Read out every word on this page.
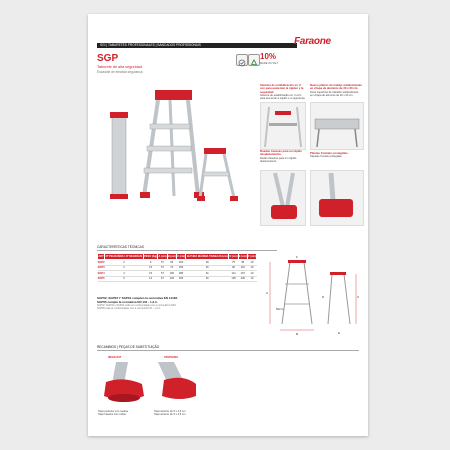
SGI | TABURETES PROFESIONALES | BANCADOS PROFISSIONAIS	Faraone
SGP
Taburete de alta seguridad
Escadote de elevada segurança
10%
MADE IN ITALY
Sistema de estabilización en U con para aumentar la rigidez y la seguridad.
Sistema de estabilização em U com para aumentar a rigidez e a segurança.
Nuevo platino de trabajo antideslizante en chapa de aluminio de 30 x 60 cm.
Nova superfície de trabalho antideslizante em chapa de alumínio de 30 x 60 cm.
Ruedas traseras para un rápido desplazamiento.
Rodas traseiras para um rápido deslocamento.
Plantas frontales protegidas.
Sapatas frontais protegidas.
CARACTERÍSTICAS TÉCNICAS
ART	Nº PELDAÑOS / Nº DEGRAUS	PESO (Kg)	A (cm)	B (cm)	C (cm)	ALTURA MÁXIMA TRABAJO (cm)	D (cm)	E (cm)	F (cm)
SGP2	2	9	57	96	200	90	75	95	19
SGP3	3	15	57	70	250	91	96	119	19
SGP4	4	15	57	106	280	91	114	167	19
SGP5	5	14	57	139	300	91	135	205	19
SGP02, SGP03 Y SGP04 cumplen la normativa EN 14183.
SGP05 cumple la normativa EN 131 - 1,2,3.
SGP02, SGP03 e SGP04 estão em conformidade com a norma EN 14183.
SGP05 está em conformidade com a norma EN 131 - 1,2,3.	60cm
A
B
C
D
E
F
RECAMBIOS | PEÇAS DE SUBSTITUIÇÃO
3RGS-007	3TAPG006
Tapa posterior con ruedas
Tapa traseira com rodas
Tapa anterior de 5 x 2,5 cm
Tapa anterior de 5 x 2,5 cm
